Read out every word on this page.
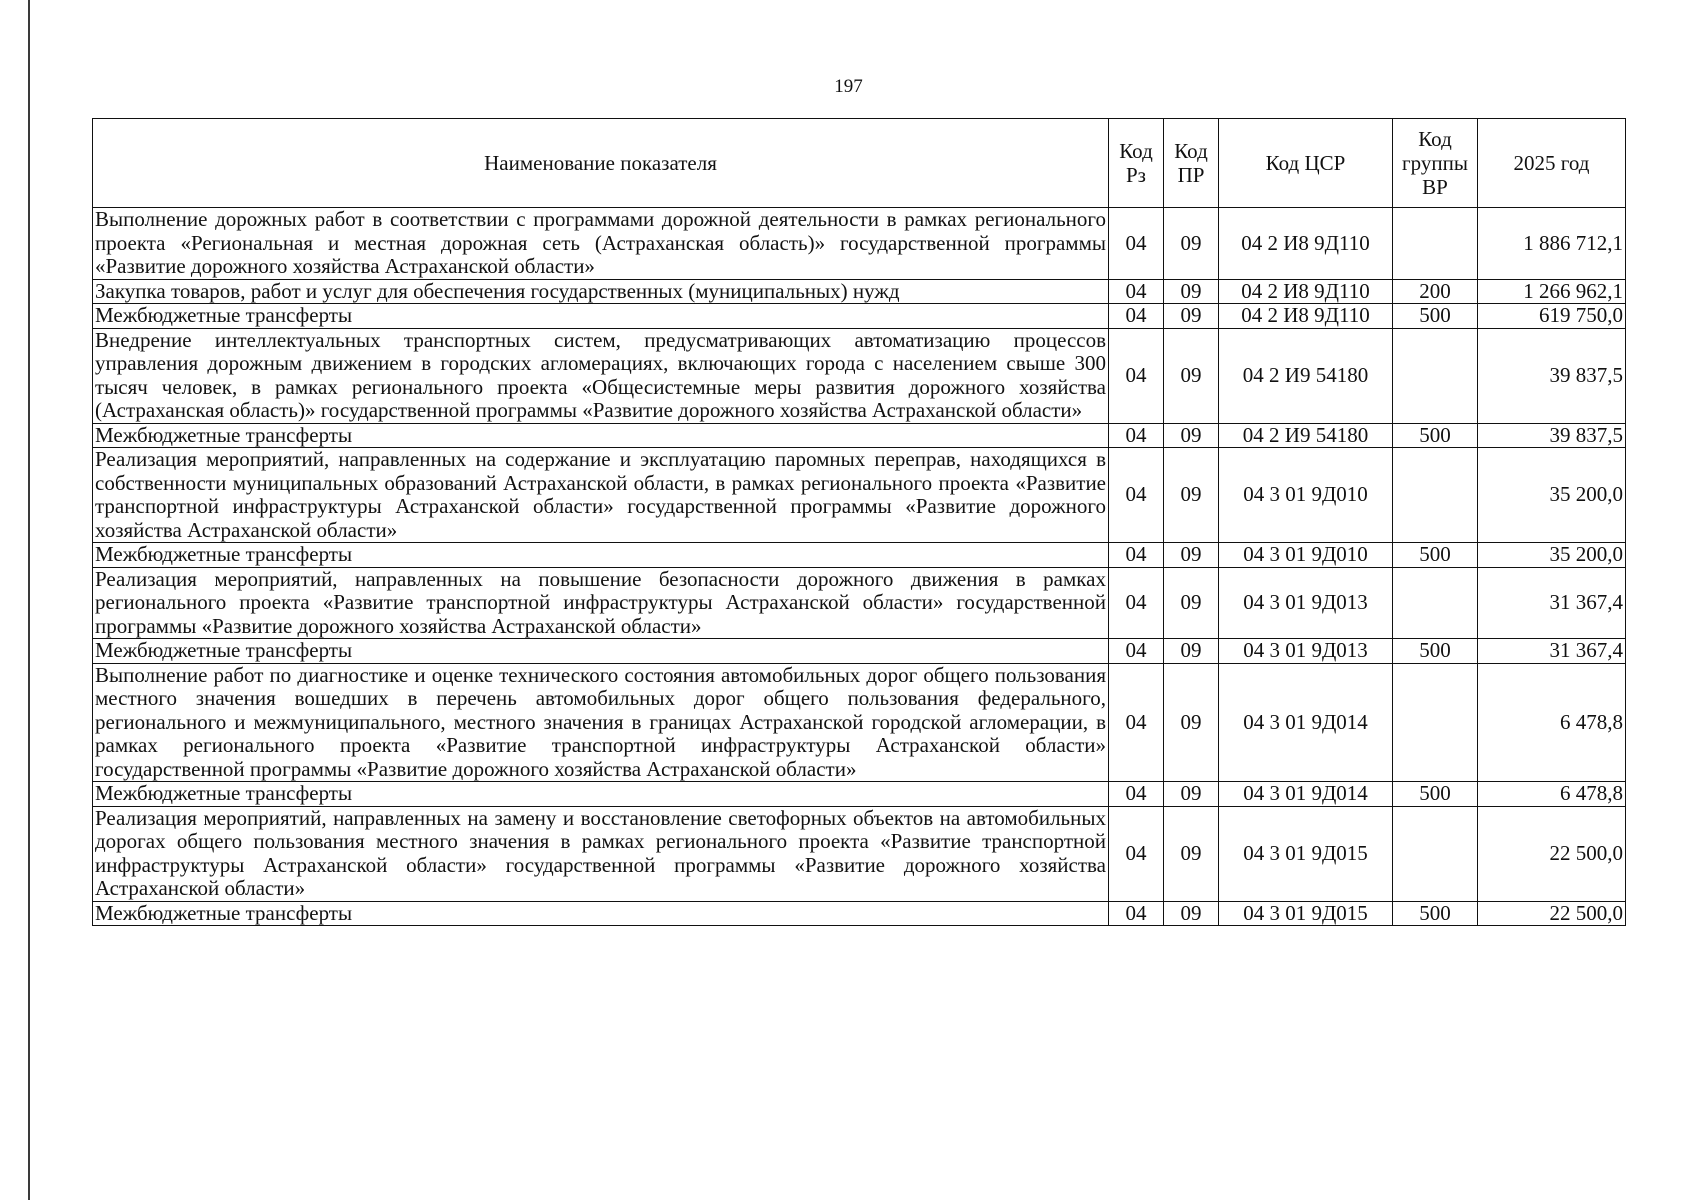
197
Наименование показателя	Код Рз	Код ПР	Код ЦСР	Код группы ВР	2025 год
Выполнение дорожных работ в соответствии с программами дорожной деятельности в рамках регионального проекта «Региональная и местная дорожная сеть (Астраханская область)» государственной программы «Развитие дорожного хозяйства Астраханской области»	04	09	04 2 И8 9Д110		1 886 712,1
Закупка товаров, работ и услуг для обеспечения государственных (муниципальных) нужд	04	09	04 2 И8 9Д110	200	1 266 962,1
Межбюджетные трансферты	04	09	04 2 И8 9Д110	500	619 750,0
Внедрение интеллектуальных транспортных систем, предусматривающих автоматизацию процессов управления дорожным движением в городских агломерациях, включающих города с населением свыше 300 тысяч человек, в рамках регионального проекта «Общесистемные меры развития дорожного хозяйства (Астраханская область)» государственной программы «Развитие дорожного хозяйства Астраханской области»	04	09	04 2 И9 54180		39 837,5
Межбюджетные трансферты	04	09	04 2 И9 54180	500	39 837,5
Реализация мероприятий, направленных на содержание и эксплуатацию паромных переправ, находящихся в собственности муниципальных образований Астраханской области, в рамках регионального проекта «Развитие транспортной инфраструктуры Астраханской области» государственной программы «Развитие дорожного хозяйства Астраханской области»	04	09	04 3 01 9Д010		35 200,0
Межбюджетные трансферты	04	09	04 3 01 9Д010	500	35 200,0
Реализация мероприятий, направленных на повышение безопасности дорожного движения в рамках регионального проекта «Развитие транспортной инфраструктуры Астраханской области» государственной программы «Развитие дорожного хозяйства Астраханской области»	04	09	04 3 01 9Д013		31 367,4
Межбюджетные трансферты	04	09	04 3 01 9Д013	500	31 367,4
Выполнение работ по диагностике и оценке технического состояния автомобильных дорог общего пользования местного значения вошедших в перечень автомобильных дорог общего пользования федерального, регионального и межмуниципального, местного значения в границах Астраханской городской агломерации, в рамках регионального проекта «Развитие транспортной инфраструктуры Астраханской области» государственной программы «Развитие дорожного хозяйства Астраханской области»	04	09	04 3 01 9Д014		6 478,8
Межбюджетные трансферты	04	09	04 3 01 9Д014	500	6 478,8
Реализация мероприятий, направленных на замену и восстановление светофорных объектов на автомобильных дорогах общего пользования местного значения в рамках регионального проекта «Развитие транспортной инфраструктуры Астраханской области» государственной программы «Развитие дорожного хозяйства Астраханской области»	04	09	04 3 01 9Д015		22 500,0
Межбюджетные трансферты	04	09	04 3 01 9Д015	500	22 500,0
